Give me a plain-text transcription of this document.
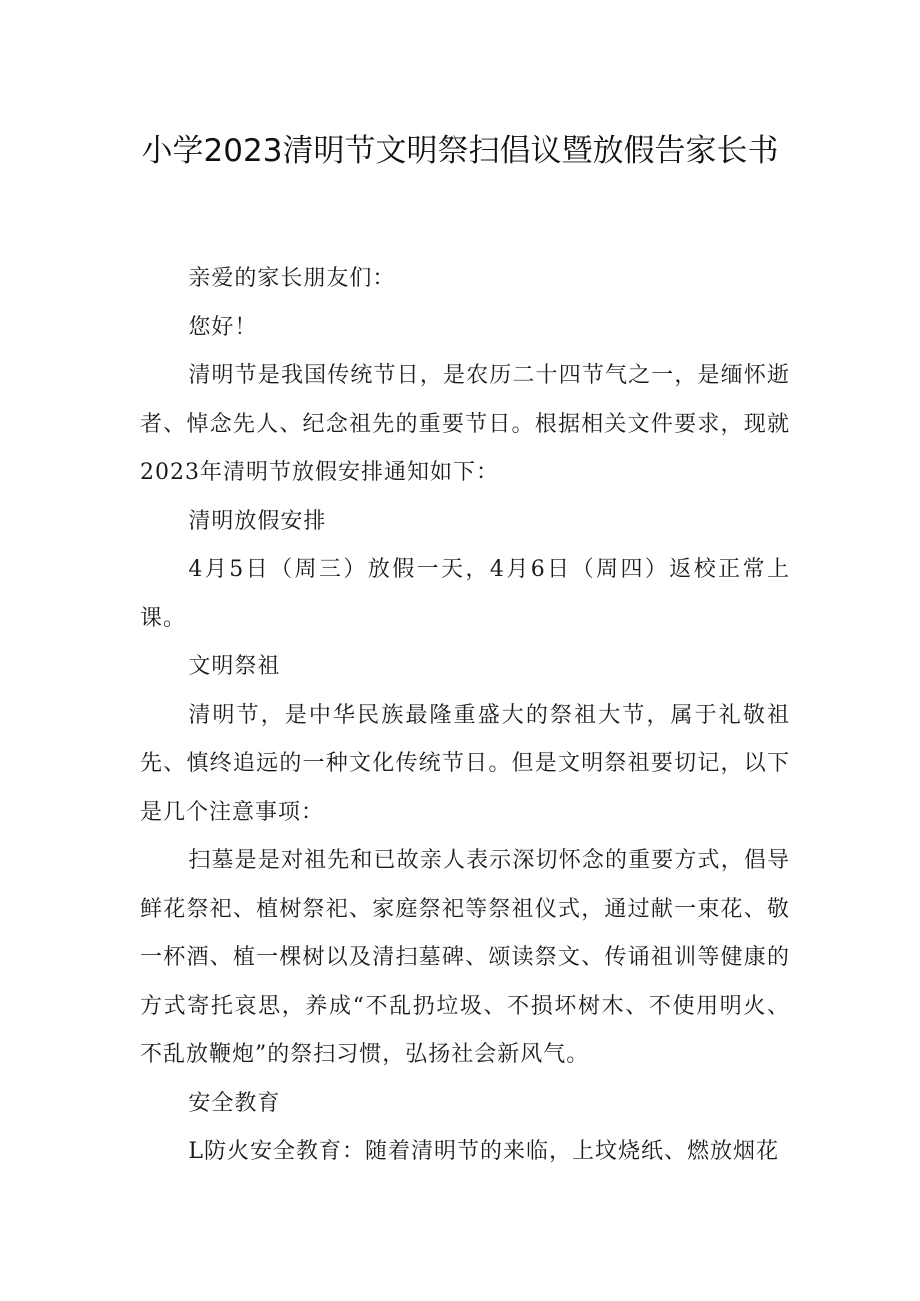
小学2023清明节文明祭扫倡议暨放假告家长书

亲爱的家长朋友们：

您好！

清明节是我国传统节日，是农历二十四节气之一，是缅怀逝者、悼念先人、纪念祖先的重要节日。根据相关文件要求，现就2023年清明节放假安排通知如下：

清明放假安排

4月5日（周三）放假一天，4月6日（周四）返校正常上课。

文明祭祖

清明节，是中华民族最隆重盛大的祭祖大节，属于礼敬祖先、慎终追远的一种文化传统节日。但是文明祭祖要切记，以下是几个注意事项：

扫墓是是对祖先和已故亲人表示深切怀念的重要方式，倡导鲜花祭祀、植树祭祀、家庭祭祀等祭祖仪式，通过献一束花、敬一杯酒、植一棵树以及清扫墓碑、颂读祭文、传诵祖训等健康的方式寄托哀思，养成“不乱扔垃圾、不损坏树木、不使用明火、不乱放鞭炮”的祭扫习惯，弘扬社会新风气。

安全教育

L防火安全教育：随着清明节的来临，上坟烧纸、燃放烟花
